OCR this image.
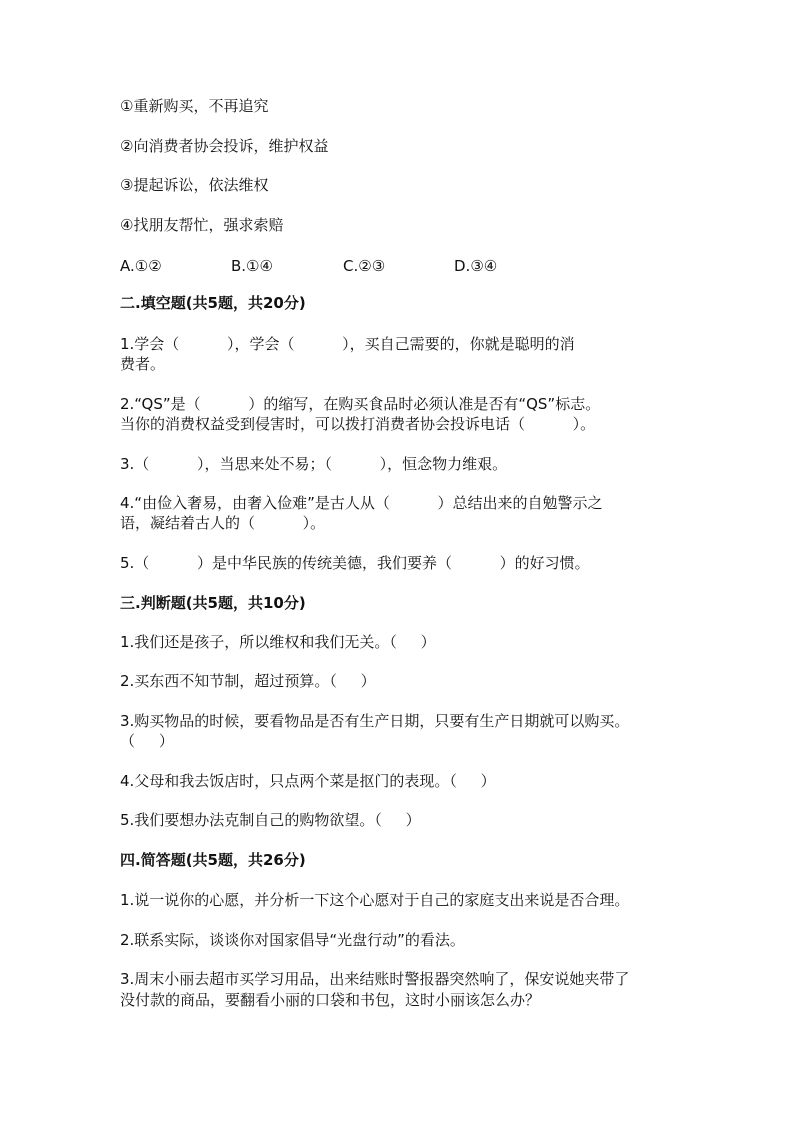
①重新购买，不再追究
②向消费者协会投诉，维护权益
③提起诉讼，依法维权
④找朋友帮忙，强求索赔
A.①②	B.①④	C.②③	D.③④
二.填空题(共5题，共20分)
1.学会（          ），学会（          ），买自己需要的，你就是聪明的消
费者。
2.“QS”是（          ）的缩写，在购买食品时必须认准是否有“QS”标志。
当你的消费权益受到侵害时，可以拨打消费者协会投诉电话（          ）。
3.（          ），当思来处不易；（          ），恒念物力维艰。
4.“由俭入奢易，由奢入俭难”是古人从（          ）总结出来的自勉警示之
语，凝结着古人的（          ）。
5.（          ）是中华民族的传统美德，我们要养（          ）的好习惯。
三.判断题(共5题，共10分)
1.我们还是孩子，所以维权和我们无关。（     ）
2.买东西不知节制，超过预算。（     ）
3.购买物品的时候，要看物品是否有生产日期，只要有生产日期就可以购买。
（     ）
4.父母和我去饭店时，只点两个菜是抠门的表现。（     ）
5.我们要想办法克制自己的购物欲望。（     ）
四.简答题(共5题，共26分)
1.说一说你的心愿，并分析一下这个心愿对于自己的家庭支出来说是否合理。
2.联系实际，谈谈你对国家倡导“光盘行动”的看法。
3.周末小丽去超市买学习用品，出来结账时警报器突然响了，保安说她夹带了
没付款的商品，要翻看小丽的口袋和书包，这时小丽该怎么办？
